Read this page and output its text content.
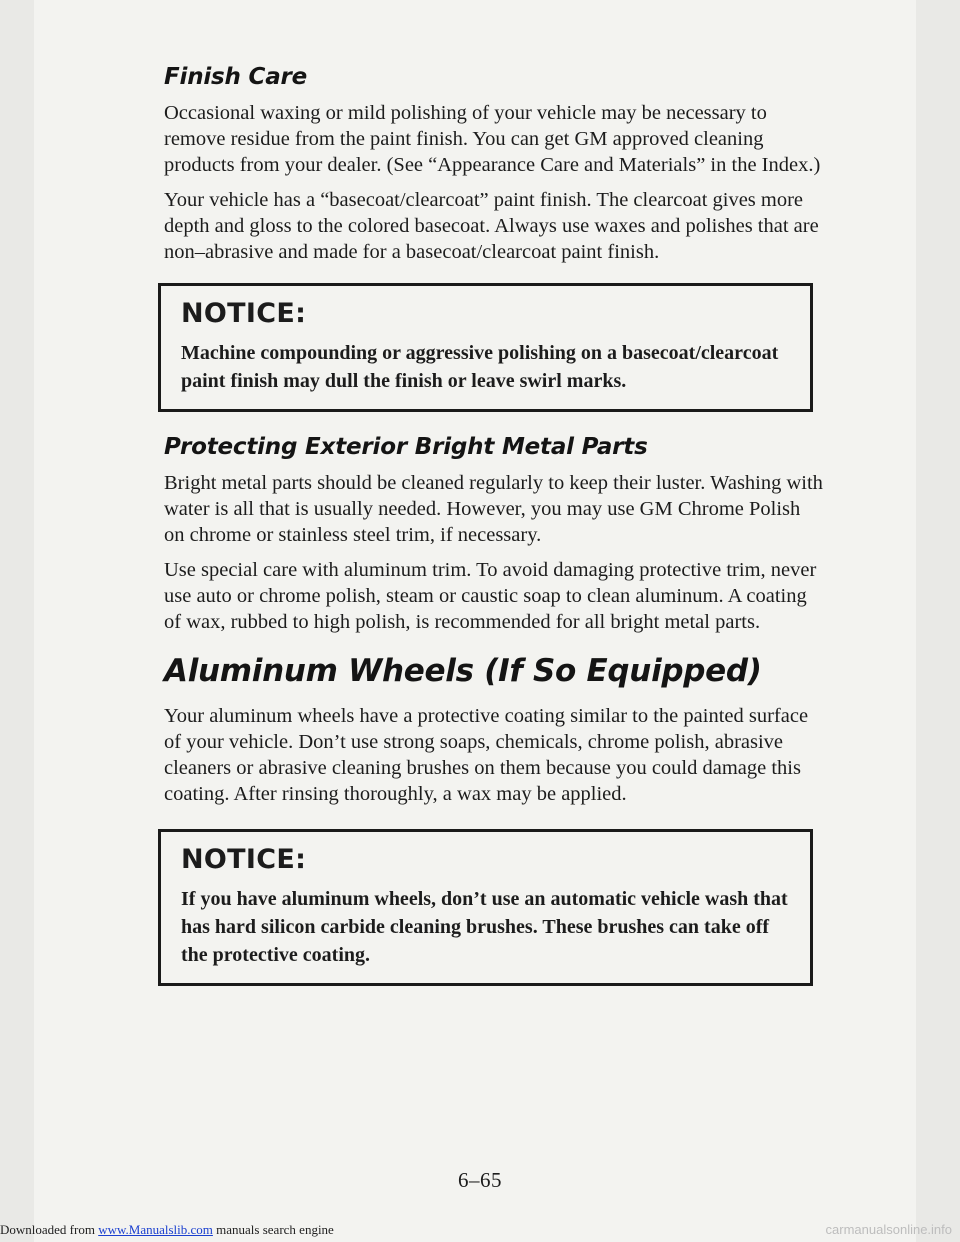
Finish Care

Occasional waxing or mild polishing of your vehicle may be necessary to remove residue from the paint finish. You can get GM approved cleaning products from your dealer. (See “Appearance Care and Materials” in the Index.)

Your vehicle has a “basecoat/clearcoat” paint finish. The clearcoat gives more depth and gloss to the colored basecoat. Always use waxes and polishes that are non–abrasive and made for a basecoat/clearcoat paint finish.

NOTICE:

Machine compounding or aggressive polishing on a basecoat/clearcoat paint finish may dull the finish or leave swirl marks.

Protecting Exterior Bright Metal Parts

Bright metal parts should be cleaned regularly to keep their luster. Washing with water is all that is usually needed. However, you may use GM Chrome Polish on chrome or stainless steel trim, if necessary.

Use special care with aluminum trim. To avoid damaging protective trim, never use auto or chrome polish, steam or caustic soap to clean aluminum. A coating of wax, rubbed to high polish, is recommended for all bright metal parts.

Aluminum Wheels (If So Equipped)

Your aluminum wheels have a protective coating similar to the painted surface of your vehicle. Don’t use strong soaps, chemicals, chrome polish, abrasive cleaners or abrasive cleaning brushes on them because you could damage this coating. After rinsing thoroughly, a wax may be applied.

NOTICE:

If you have aluminum wheels, don’t use an automatic vehicle wash that has hard silicon carbide cleaning brushes. These brushes can take off the protective coating.

6–65
Downloaded from www.Manualslib.com manuals search engine	carmanualsonline.info
